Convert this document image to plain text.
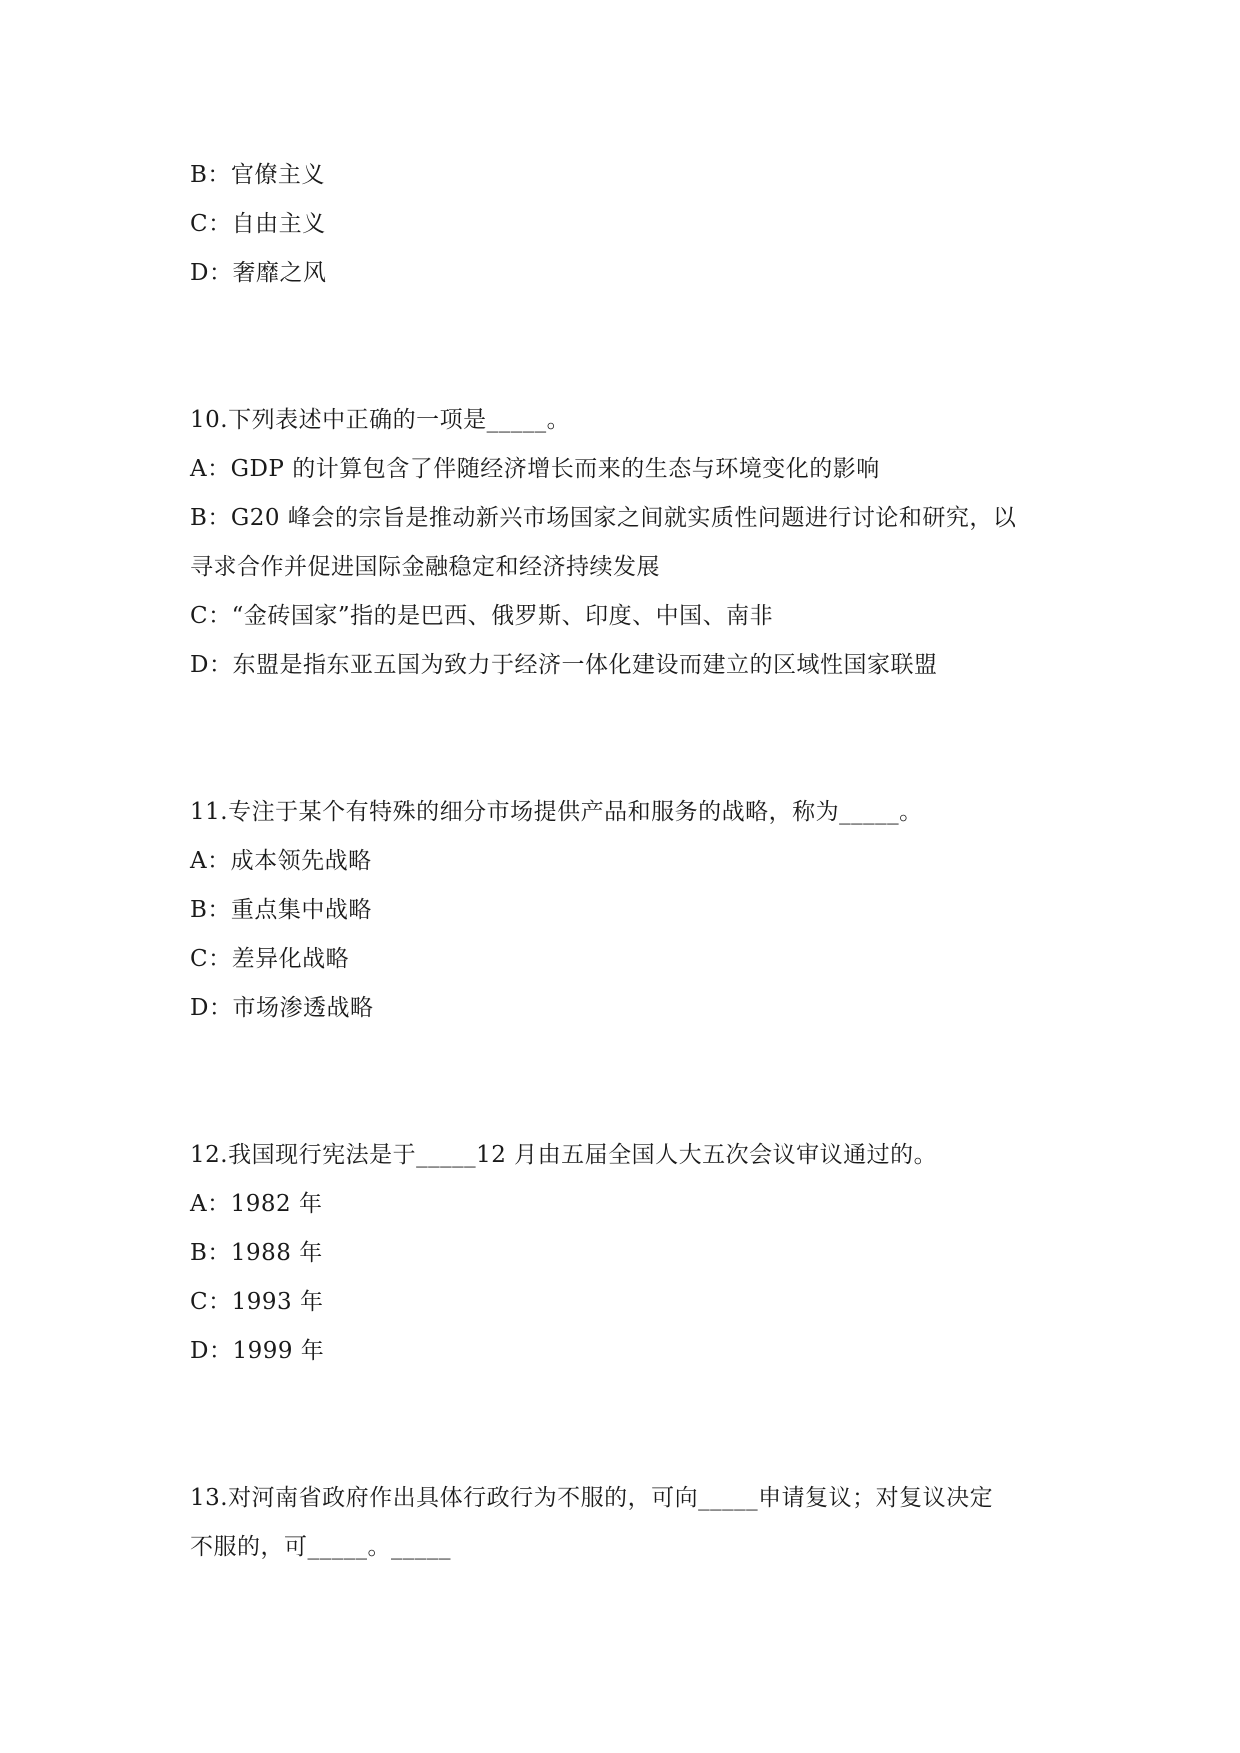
B：官僚主义
C：自由主义
D：奢靡之风
10.下列表述中正确的一项是_____。
A：GDP 的计算包含了伴随经济增长而来的生态与环境变化的影响
B：G20 峰会的宗旨是推动新兴市场国家之间就实质性问题进行讨论和研究，以
寻求合作并促进国际金融稳定和经济持续发展
C：“金砖国家”指的是巴西、俄罗斯、印度、中国、南非
D：东盟是指东亚五国为致力于经济一体化建设而建立的区域性国家联盟
11.专注于某个有特殊的细分市场提供产品和服务的战略，称为_____。
A：成本领先战略
B：重点集中战略
C：差异化战略
D：市场渗透战略
12.我国现行宪法是于_____12 月由五届全国人大五次会议审议通过的。
A：1982 年
B：1988 年
C：1993 年
D：1999 年
13.对河南省政府作出具体行政行为不服的，可向_____申请复议；对复议决定
不服的，可_____。_____
